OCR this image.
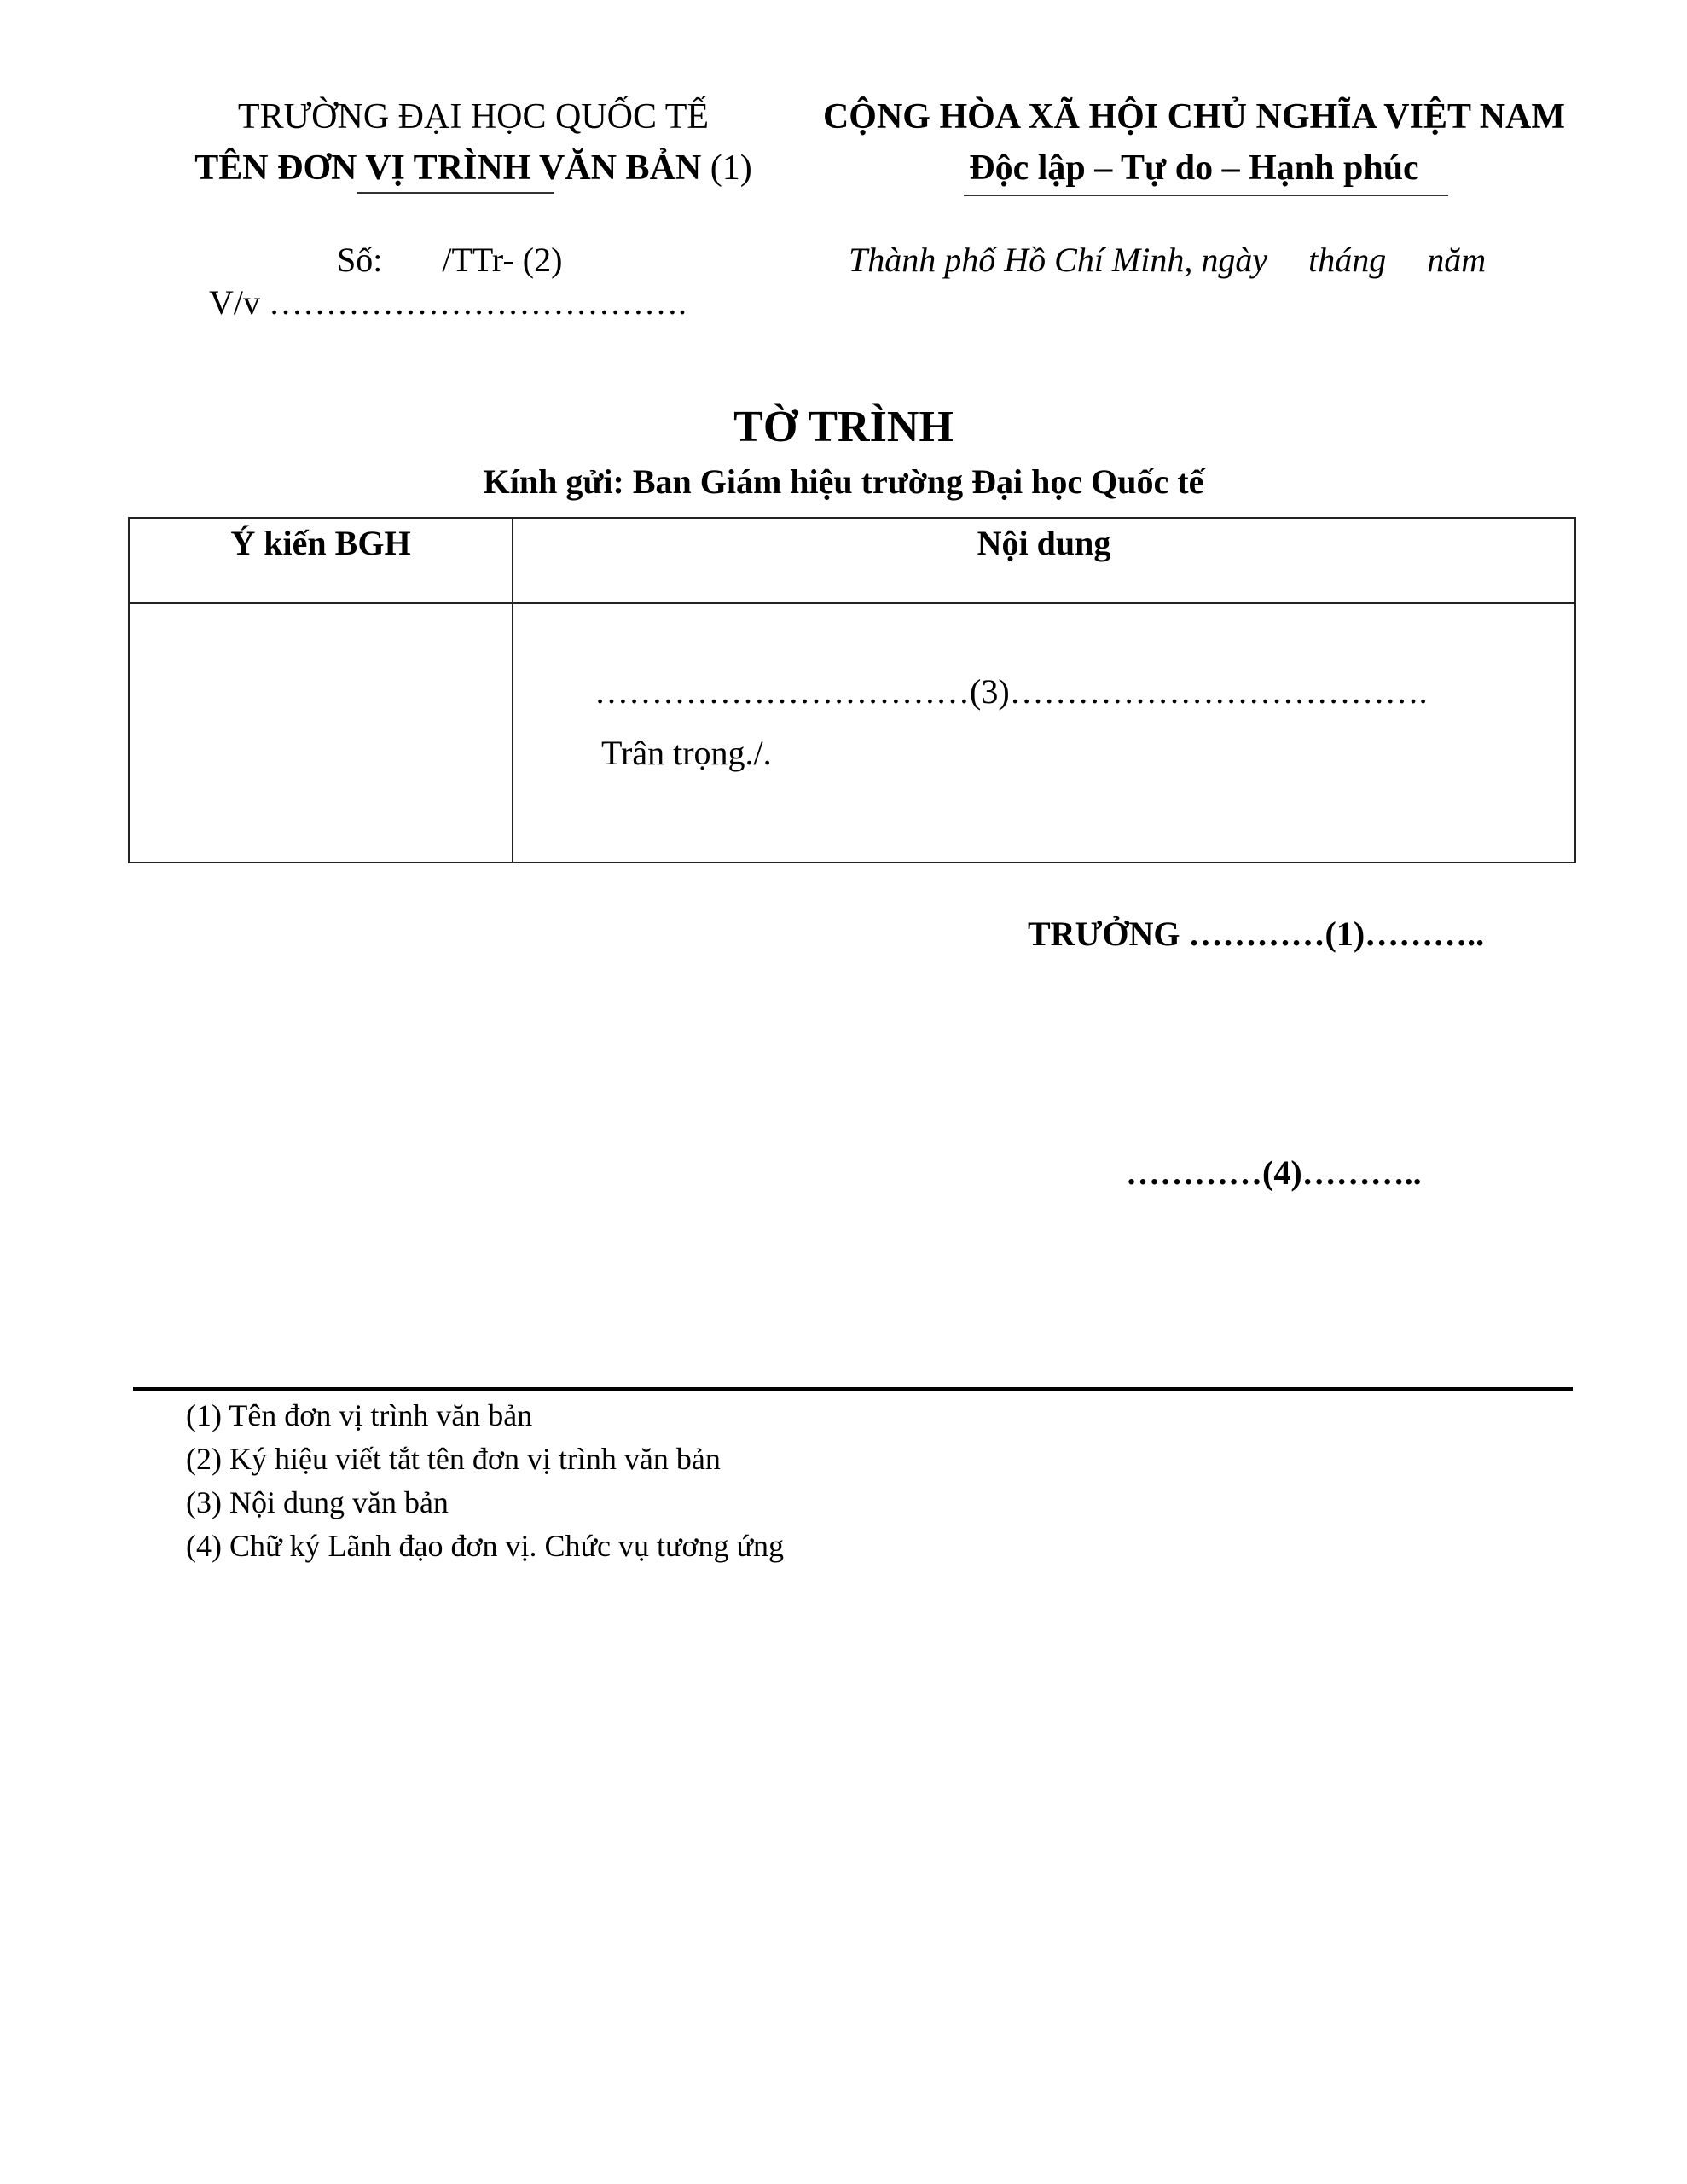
TRƯỜNG ĐẠI HỌC QUỐC TẾ
TÊN ĐƠN VỊ TRÌNH VĂN BẢN (1)
CỘNG HÒA XÃ HỘI CHỦ NGHĨA VIỆT NAM
Độc lập – Tự do – Hạnh phúc
Số: /TTr- (2)
V/v ……………………………….
Thành phố Hồ Chí Minh, ngày tháng năm
TỜ TRÌNH
Kính gửi: Ban Giám hiệu trường Đại học Quốc tế
Ý kiến BGH	Nội dung
……………………………(3)……………………………….
Trân trọng./.
TRƯỞNG …………(1)………..
…………(4)………..
(1) Tên đơn vị trình văn bản
(2) Ký hiệu viết tắt tên đơn vị trình văn bản
(3) Nội dung văn bản
(4) Chữ ký Lãnh đạo đơn vị. Chức vụ tương ứng
